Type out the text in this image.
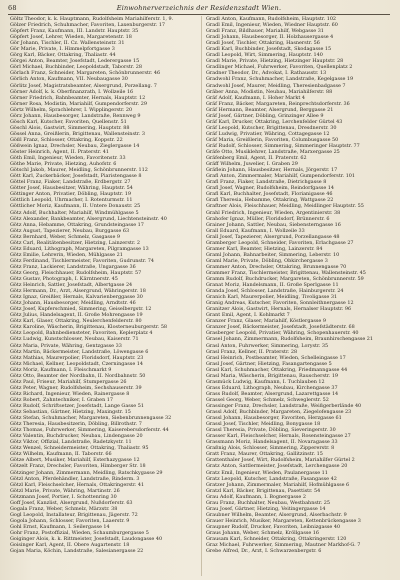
68	Einwohnerverzeichnis der Residenzstadt Wien.

Göltz Theodor, k. k. Hauptmann, Rudolfsheim Mariahilferstr. 1, 9.

Gölzer Friedrich, Schuhmacher, Favoriten, Laxenburgerstr. 17

Göpfert Franz, Kaufmann, III. Landstr. Hauptstr. 35

Göpfert Josef, Lehrer, Wieden, Margaretenstr. 18

Gör Johann, Tischler, II. Cz. Wallensteinstr. 31

Gör Marie, Private, I. Himmelpfortgasse 3

Görg Karl, Bäcker, Ottakring, Thaliastr. 44

Görgei Anton, Beamter, Josefstadt, Lederergasse 15

Görl Michael, Buchbinder, Leopoldstadt, Taborstr. 28

Görlach Franz, Schneider, Margareten, Schönbrunnerstr. 46

Görlich Anton, Kaufmann, VII. Neubaugasse 30

Görlitz Josef, Magistratsbeamter, Alsergrund, Porzellang. 7

Görner Adolf, k. k. Oberfinanzrath, I. Wollzeile 16

Görner Friedrich, Bahnbeamter, Hernals, Hauptstr. 12

Görner Rosa, Modistin, Mariahilf, Gumpendorferstr. 29

Görtz Wilhelm, Sprachlehrer, I. Wipplingerstr. 20

Görz Johann, Hausbesorger, Landstraße, Rennweg 9

Gösch Karl, Kutscher, Favoriten, Quellenstr. 51

Göschl Alois, Gastwirt, Simmering, Hauptstr. 88

Gössel Anna, Greißlerin, Brigittenau, Wallensteinstr. 3

Gößl Franz, Schlosser, Ottakring, Koppstr. 22

Gößwein Ignaz, Drechsler, Neubau, Zieglergasse 14

Göster Heinrich, Agent, II. Praterstr. 41

Göth Emil, Ingenieur, Wieden, Favoritenstr. 33

Göthe Marie, Private, Hietzing, Auhofstr. 6

Götschl Jakob, Maurer, Meidling, Schönbrunnerstr. 112

Gött Karl, Zuckerbäcker, Josefstadt, Piaristengasse 8

Göttel Franz, Fiaker, Landstraße, Erdbergstr. 27

Götter Josef, Hausbesitzer, Währing, Hauptstr. 54

Göttinger Anton, Privatier, Döbling, Hauptstr. 19

Göttlich Leopold, Uhrmacher, I. Rotenturmstr. 11

Göttlicher Moriz, Kaufmann, II. Untere Donaustr. 25

Götz Adolf, Buchhalter, Mariahilf, Windmühlgasse 5

Götz Alexander, Bankbeamter, Alsergrund, Liechtensteinstr. 40

Götz Anna, Hebamme, Ottakring, Grundsteingasse 17

Götz August, Tapezierer, Neubau, Burggasse 63

Götz Bernhard, Weber, Schmelz, Gasgasse 9

Götz Carl, Realitätenbesitzer, Hietzing, Lainzerstr. 2

Götz Eduard, Lithograph, Margareten, Pilgramgasse 13

Götz Emilie, Lehrerin, Wieden, Mühlgasse 21

Götz Ferdinand, Tischlermeister, Favoriten, Gudrunstr. 74

Götz Franz, Lackierer, Landstraße, Ungargasse 36

Götz Georg, Fleischhauer, Rudolfsheim, Hauptstr. 57

Götz Gustav, Photograph, I. Kärntnerstr. 45

Götz Heinrich, Sattler, Josefstadt, Albertgasse 24

Götz Hermann, Dr., Arzt, Alsergrund, Währingerstr. 18

Götz Ignaz, Greißler, Hernals, Kalvarienberggasse 30

Götz Johann, Hausbesorger, Meidling, Arndtstr. 46

Götz Josef, Kupferschmied, Simmering, Geiselbergstr. 12

Götz Julius, Handelsagent, II. Große Mohrengasse 19

Götz Karl, Glaser, Ottakring, Neulerchenfelderstr. 80

Götz Karoline, Wäscherin, Brigittenau, Klosterneuburgerstr. 58

Götz Leopold, Bahnbediensteter, Favoriten, Keplerplatz 4

Götz Ludwig, Kunstschlosser, Neubau, Kaiserstr. 71

Götz Maria, Private, Währing, Gentzgasse 33

Götz Martin, Bäckermeister, Landstraße, Löwengasse 6

Götz Mathias, Maurerpolier, Floridsdorf, Hauptstr. 23

Götz Michael, Kellner, Leopoldstadt, Czerningasse 14

Götz Moriz, Kaufmann, I. Fleischmarkt 9

Götz Otto, Beamter der Nordbahn, II. Nordbahnstr. 50

Götz Paul, Friseur, Mariahilf, Stumpergasse 26

Götz Peter, Wagner, Rudolfsheim, Sechshauserstr. 39

Götz Richard, Ingenieur, Wieden, Rainergasse 8

Götz Robert, Zahntechniker, I. Graben 17

Götz Rudolf, Schriftsetzer, Josefstadt, Lange Gasse 51

Götz Sebastian, Gärtner, Hietzing, Maxingstr. 15

Götz Stefan, Schuhmacher, Margareten, Siebenbrunnengasse 32

Götz Theresia, Hausbesitzerin, Döbling, Billrothstr. 7

Götz Thomas, Fuhrwerker, Simmering, Kaiserebersdorferstr. 44

Götz Valentin, Buchdrucker, Neubau, Lindengasse 20

Götz Viktor, Offizial, Landstraße, Radetzkystr. 11

Götz Wenzel, Schneidermeister, Ottakring, Thaliastr. 95

Götz Wilhelm, Kaufmann, II. Taborstr. 66

Götze Albert, Musiker, Mariahilf, Esterhazygasse 12

Götzelt Franz, Drechsler, Favoriten, Himberger Str. 18

Götzinger Johann, Zimmermann, Meidling, Ratschkygasse 29

Götzl Anton, Pferdehändler, Landstraße, Rinderm. 3

Götzl Karl, Fleischselcher, Hernals, Ottakringerstr. 41

Götzl Marie, Private, Währing, Martinstr. 26

Götzmann Josef, Portier, I. Schottenring 30

Goff Josef, Kanzlist, Alsergrund, Nußdorferstr. 63

Gogala Franz, Weber, Schmelz, Märzstr. 38

Gogl Leopold, Installateur, Brigittenau, Jägerstr. 72

Gogola Johann, Schlosser, Favoriten, Laaerstr. 9

Gohl Ernst, Kaufmann, I. Seilergasse 14

Gohr Franz, Postoffizial, Wieden, Schaumburgergasse 5

Goiginger Alois, k. k. Rittmeister, Josefstadt, Laudongasse 40

Goisinger Karl, Agent, II. Obere Augartenstr. 18

Gojan Maria, Köchin, Landstraße, Salesianergasse 22

Gradl Anton, Kaufmann, Rudolfsheim, Hauptstr. 102

Gradl Emil, Ingenieur, Wieden, Wiedner Hauptstr. 60

Gradl Franz, Bildhauer, Mariahilf, Webgasse 31

Gradl Johann, Hausbesorger, II. Holzhausergasse 4

Gradl Josef, Tischler, Ottakring, Hasnerstr. 56

Gradl Karl, Buchbinder, Josefstadt, Skodagasse 15

Gradl Leopold, Wirt, Simmering, Hauptstr. 140

Gradl Marie, Private, Hietzing, Hietzinger Hauptstr. 28

Gradlinger Michael, Fuhrwerker, Favoriten, Quellenplatz 2

Gradner Theodor, Dr., Advokat, I. Rathausstr. 13

Gradwohl Franz, Schuhmacher, Landstraße, Kegelgasse 19

Gradwohl Josef, Maurer, Meidling, Theresienbadgasse 7

Gräber Anna, Modistin, Neubau, Mariahilferstr. 88

Gräf Adolf, Kaufmann, I. Hoher Markt 4

Gräf Franz, Bäcker, Margareten, Reinprechtsdorferstr. 36

Gräf Hermann, Beamter, Alsergrund, Berggasse 21

Gräf Josef, Gärtner, Döbling, Grinzinger Allee 9

Gräf Karl, Drucker, Ottakring, Lerchenfelder Gürtel 43

Gräf Leopold, Kutscher, Brigittenau, Dresdnerstr. 30

Gräf Ludwig, Privatier, Währing, Cottagegasse 12

Gräf Maria, Greißlerin, Favoriten, Columbusgasse 50

Gräf Rudolf, Schlosser, Simmering, Simmeringer Hauptstr. 77

Gräfe Otto, Musiklehrer, Landstraße, Marxergasse 25

Gräfenberg Emil, Agent, II. Praterstr. 62

Gräff Wilhelm, Juwelier, I. Graben 29

Gräflein Johann, Hausbesitzer, Hernals, Jörgerstr. 17

Grafl Anton, Zimmermaler, Mariahilf, Gumpendorferstr. 101

Grafl Franz, Fiaker, Landstraße, Dietrichgasse 8

Grafl Josef, Wagner, Rudolfsheim, Reindorfgasse 14

Grafl Karl, Buchhalter, Josefstadt, Florianigasse 46

Grafl Theresia, Hebamme, Ottakring, Wattgasse 22

Graftner Alois, Fleischhauer, Meidling, Meidlinger Hauptstr. 55

Grahl Friedrich, Ingenieur, Wieden, Argentinierstr. 38

Grahofer Ignaz, Müller, Floridsdorf, Brünnerstr. 6

Grainer Johann, Sattler, Neubau, Siebensterngasse 16

Grall Eduard, Kaufmann, I. Wollzeile 33

Grall Josef, Tapezierer, Alsergrund, Porzellangasse 48

Gramberger Leopold, Schneider, Favoriten, Erlachgasse 27

Gramer Karl, Beamter, Hietzing, Lainzerstr. 84

Graml Johann, Bahnarbeiter, Simmering, Leberstr. 10

Graml Marie, Private, Döbling, Obkirchergasse 3

Grammer Anton, Drechsler, Ottakring, Brunnengasse 70

Grammer Franz, Tischlermeister, Brigittenau, Wallensteinstr. 45

Gramm Rudolf, Buchdrucker, Margareten, Schönbrunnerstr. 59

Granat Moriz, Handelsmann, II. Große Sperlgasse 11

Granda Josef, Schlosser, Landstraße, Hainburgerstr. 24

Granich Karl, Maurerpolier, Meidling, Tivoligasse 31

Granig Andreas, Kutscher, Favoriten, Sonnleithnergasse 12

Granitzer Alois, Gastwirt, Hernals, Hernalser Hauptstr. 96

Grant Emil, Agent, I. Kohlmarkt 7

Granzer Franz, Glaser, Mariahilf, Köstlergasse 9

Granzer Josef, Bäckermeister, Josefstadt, Josefstädterstr. 68

Grasberger Leopold, Privatier, Währing, Schopenhauerstr. 40

Grasel Johann, Zimmermann, Rudolfsheim, Braunhirschengasse 21

Grasl Anton, Fuhrwerker, Simmering, Lorystr. 35

Grasl Franz, Kellner, II. Praterstr. 28

Grasl Heinrich, Postbeamter, Wieden, Schelleingasse 17

Grasl Josef, Gärtner, Hietzing, Fasangartengasse 5

Grasl Karl, Schuhmacher, Ottakring, Friedmanngasse 44

Grasl Maria, Wäscherin, Brigittenau, Rauscherstr. 19

Grasmück Ludwig, Kaufmann, I. Tuchlauben 12

Grass Eduard, Lithograph, Neubau, Kirchengasse 37

Grass Rudolf, Beamter, Alsergrund, Lazarettgasse 14

Grassel Georg, Weber, Schmelz, Schweglerstr. 52

Grassinger Franz, Drechsler, Landstraße, Weißgerberlände 40

Grassl Adolf, Buchbinder, Margareten, Ziegelofengasse 23

Grassl Johann, Hausbesorger, Favoriten, Herzgasse 61

Grassl Josef, Tischler, Meidling, Bonygasse 18

Grassl Theresia, Private, Döbling, Sieveringerstr. 30

Grasser Karl, Fleischselcher, Hernals, Rosensteingasse 27

Grassmann Moriz, Handelsagent, II. Novaragasse 33

Graßnig Alois, Schlosser, Simmering, Zippererstr. 8

Gratt Franz, Maurer, Ottakring, Gallitzinstr. 15

Grattenthaler Josef, Wirt, Rudolfsheim, Mariahilfer Gürtel 2

Gratz Anton, Sattlermeister, Josefstadt, Lerchengasse 20

Gratz Emil, Ingenieur, Wieden, Paulanergasse 11

Gratz Leopold, Kutscher, Landstraße, Fasangasse 42

Gratzer Johann, Zimmermaler, Mariahilf, Hofmühlgasse 6

Gratzl Karl, Bäcker, Brigittenau, Pasettistr. 54

Grau Adolf, Kaufmann, I. Bognergasse 2

Grau Franz, Buchhalter, Neubau, Westbahnstr. 25

Grau Josef, Gärtner, Hietzing, Veitingergasse 14

Graubner Wilhelm, Beamter, Alsergrund, Alserbachstr. 9

Grauer Heinrich, Musiker, Margareten, Kettenbrückengasse 3

Graupner Rudolf, Drucker, Favoriten, Leibnizgasse 40

Graus Johann, Weber, Schmelz, Kröllgasse 16

Grausam Karl, Schneider, Ottakring, Ottakringerstr. 120

Graz Michael, Fuhrwerker, Simmering, Mautner Markhof-G. 7

Grebe Alfred, Dr., Arzt, I. Schwarzenbergstr. 6
